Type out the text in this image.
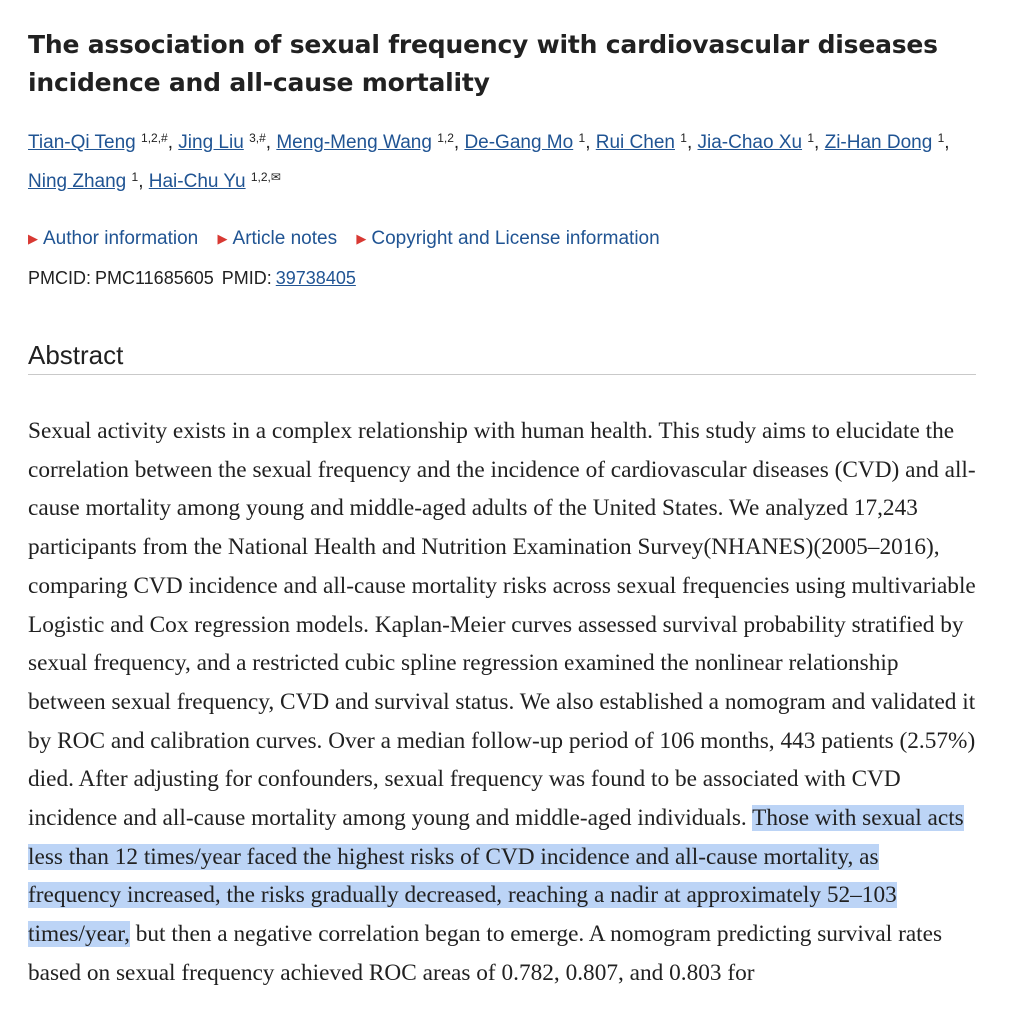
The association of sexual frequency with cardiovascular diseases incidence and all-cause mortality
Tian-Qi Teng $^{1,2,\#}$, Jing Liu $^{3,\#}$, Meng-Meng Wang $^{1,2}$, De-Gang Mo $^1$, Rui Chen $^1$, Jia-Chao Xu $^1$, Zi-Han Dong $^1$, Ning Zhang $^1$, Hai-Chu Yu $^{1,2,✉}$
▶ Author information ▶ Article notes ▶ Copyright and License information
PMCID: PMC11685605 PMID: 39738405
Abstract

Sexual activity exists in a complex relationship with human health. This study aims to elucidate the correlation between the sexual frequency and the incidence of cardiovascular diseases (CVD) and all-cause mortality among young and middle-aged adults of the United States. We analyzed 17,243 participants from the National Health and Nutrition Examination Survey(NHANES)(2005–2016), comparing CVD incidence and all-cause mortality risks across sexual frequencies using multivariable Logistic and Cox regression models. Kaplan-Meier curves assessed survival probability stratified by sexual frequency, and a restricted cubic spline regression examined the nonlinear relationship between sexual frequency, CVD and survival status. We also established a nomogram and validated it by ROC and calibration curves. Over a median follow-up period of 106 months, 443 patients (2.57%) died. After adjusting for confounders, sexual frequency was found to be associated with CVD incidence and all-cause mortality among young and middle-aged individuals. Those with sexual acts less than 12 times/year faced the highest risks of CVD incidence and all-cause mortality, as frequency increased, the risks gradually decreased, reaching a nadir at approximately 52–103 times/year, but then a negative correlation began to emerge. A nomogram predicting survival rates based on sexual frequency achieved ROC areas of 0.782, 0.807, and 0.803 for
